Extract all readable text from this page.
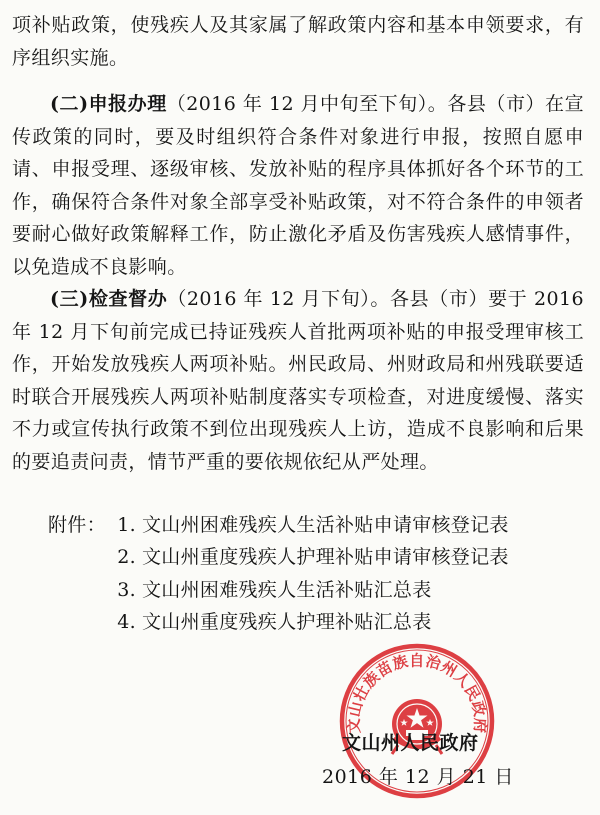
项补贴政策，使残疾人及其家属了解政策内容和基本申领要求，有序组织实施。

(二)申报办理（2016 年 12 月中旬至下旬）。各县（市）在宣传政策的同时，要及时组织符合条件对象进行申报，按照自愿申请、申报受理、逐级审核、发放补贴的程序具体抓好各个环节的工作，确保符合条件对象全部享受补贴政策，对不符合条件的申领者要耐心做好政策解释工作，防止激化矛盾及伤害残疾人感情事件，以免造成不良影响。

(三)检查督办（2016 年 12 月下旬）。各县（市）要于 2016 年 12 月下旬前完成已持证残疾人首批两项补贴的申报受理审核工作，开始发放残疾人两项补贴。州民政局、州财政局和州残联要适时联合开展残疾人两项补贴制度落实专项检查，对进度缓慢、落实不力或宣传执行政策不到位出现残疾人上访，造成不良影响和后果的要追责问责，情节严重的要依规依纪从严处理。

附件： 1. 文山州困难残疾人生活补贴申请审核登记表
2. 文山州重度残疾人护理补贴申请审核登记表
3. 文山州困难残疾人生活补贴汇总表
4. 文山州重度残疾人护理补贴汇总表
文山壮族苗族自治州人民政府
文山州人民政府
2016 年 12 月 21 日
